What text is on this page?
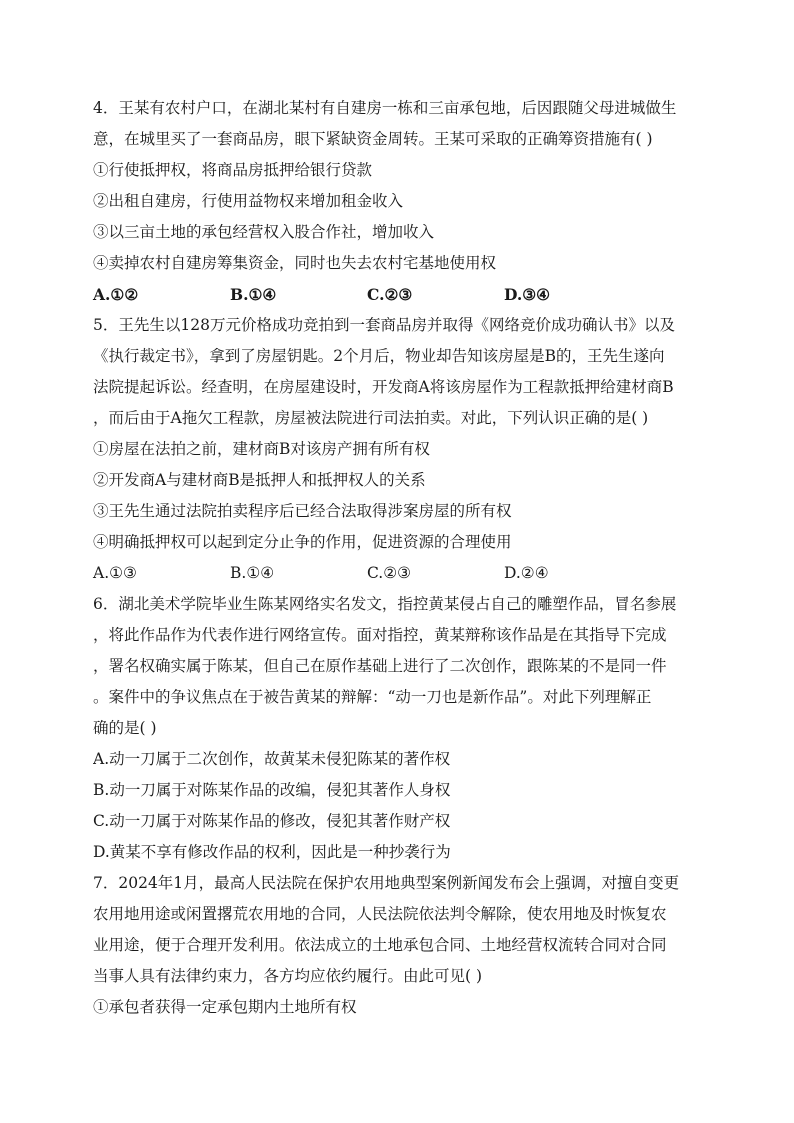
4．王某有农村户口，在湖北某村有自建房一栋和三亩承包地，后因跟随父母进城做生
意，在城里买了一套商品房，眼下紧缺资金周转。王某可采取的正确筹资措施有( )
①行使抵押权，将商品房抵押给银行贷款
②出租自建房，行使用益物权来增加租金收入
③以三亩土地的承包经营权入股合作社，增加收入
④卖掉农村自建房筹集资金，同时也失去农村宅基地使用权
A.①②	B.①④	C.②③	D.③④
5．王先生以128万元价格成功竞拍到一套商品房并取得《网络竞价成功确认书》以及
《执行裁定书》，拿到了房屋钥匙。2个月后，物业却告知该房屋是B的，王先生遂向
法院提起诉讼。经查明，在房屋建设时，开发商A将该房屋作为工程款抵押给建材商B
，而后由于A拖欠工程款，房屋被法院进行司法拍卖。对此，下列认识正确的是( )
①房屋在法拍之前，建材商B对该房产拥有所有权
②开发商A与建材商B是抵押人和抵押权人的关系
③王先生通过法院拍卖程序后已经合法取得涉案房屋的所有权
④明确抵押权可以起到定分止争的作用，促进资源的合理使用
A.①③	B.①④	C.②③	D.②④
6．湖北美术学院毕业生陈某网络实名发文，指控黄某侵占自己的雕塑作品，冒名参展
，将此作品作为代表作进行网络宣传。面对指控，黄某辩称该作品是在其指导下完成
，署名权确实属于陈某，但自己在原作基础上进行了二次创作，跟陈某的不是同一件
。案件中的争议焦点在于被告黄某的辩解：“动一刀也是新作品”。对此下列理解正
确的是( )
A.动一刀属于二次创作，故黄某未侵犯陈某的著作权
B.动一刀属于对陈某作品的改编，侵犯其著作人身权
C.动一刀属于对陈某作品的修改，侵犯其著作财产权
D.黄某不享有修改作品的权利，因此是一种抄袭行为
7．2024年1月，最高人民法院在保护农用地典型案例新闻发布会上强调，对擅自变更
农用地用途或闲置撂荒农用地的合同，人民法院依法判令解除，使农用地及时恢复农
业用途，便于合理开发利用。依法成立的土地承包合同、土地经营权流转合同对合同
当事人具有法律约束力，各方均应依约履行。由此可见( )
①承包者获得一定承包期内土地所有权
